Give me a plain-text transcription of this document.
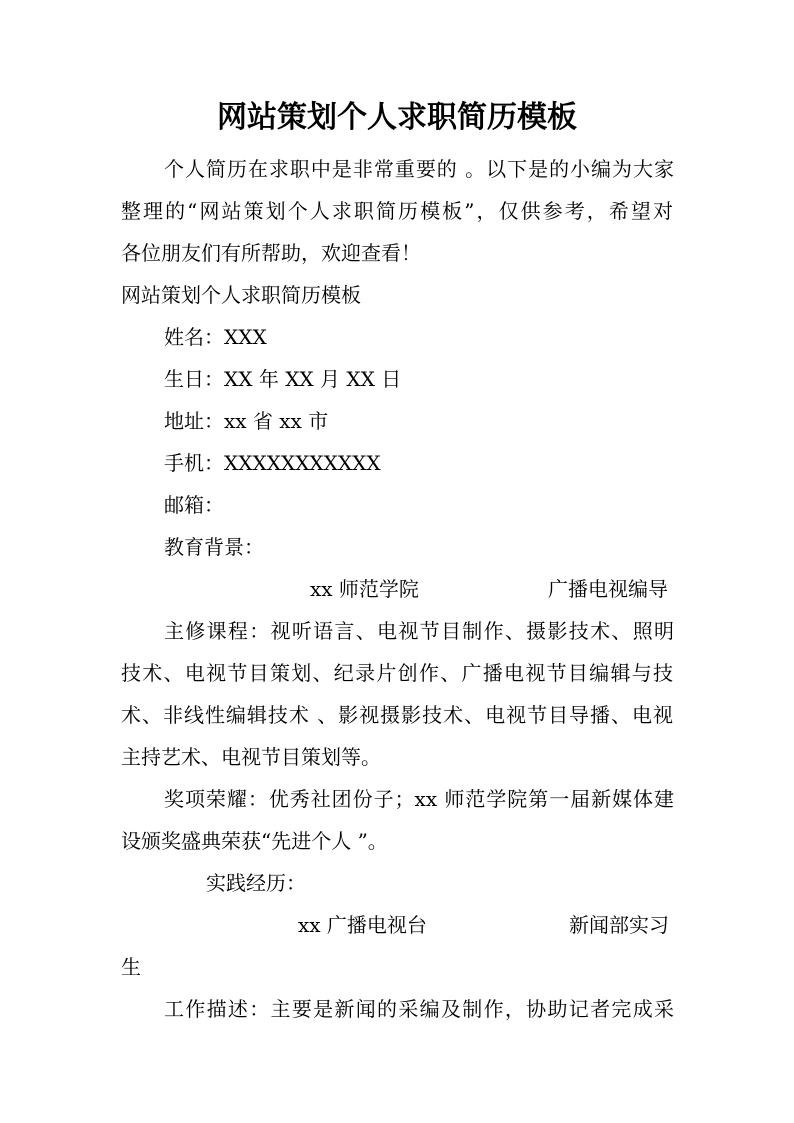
网站策划个人求职简历模板
个人简历在求职中是非常重要的 。以下是的小编为大家
整理的“网站策划个人求职简历模板”，仅供参考，希望对
各位朋友们有所帮助，欢迎查看！
网站策划个人求职简历模板
姓名：XXX
生日：XX 年 XX 月 XX 日
地址：xx 省 xx 市
手机：XXXXXXXXXXX
邮箱：
教育背景：
xx 师范学院	广播电视编导
主修课程：视听语言、电视节目制作、摄影技术、照明
技术、电视节目策划、纪录片创作、广播电视节目编辑与技
术、非线性编辑技术 、影视摄影技术、电视节目导播、电视
主持艺术、电视节目策划等。
奖项荣耀：优秀社团份子；xx 师范学院第一届新媒体建
设颁奖盛典荣获“先进个人 ”。
实践经历：
xx 广播电视台	新闻部实习
生
工作描述：主要是新闻的采编及制作，协助记者完成采
